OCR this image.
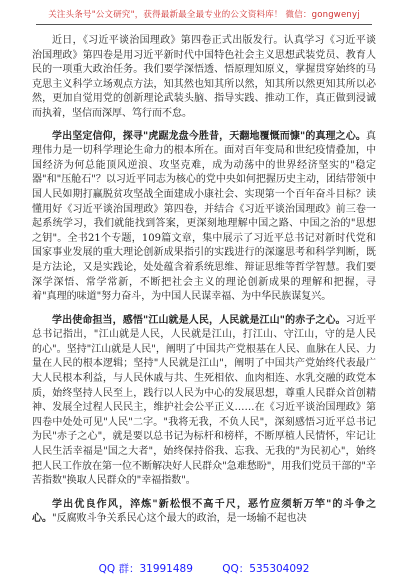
关注头条号"公文研究"，获得最新最全最专业的公文资料库！ 微信：gongwenyj

近日，《习近平谈治国理政》第四卷正式出版发行。认真学习《习近平谈治国理政》第四卷是用习近平新时代中国特色社会主义思想武装党员、教育人民的一项重大政治任务。我们要学深悟透、悟原理知原义，掌握贯穿始终的马克思主义科学立场观点方法，知其然也知其所以然，知其所以然更知其所以必然，更加自觉用党的创新理论武装头脑、指导实践、推动工作，真正做到浸诚而执着，坚信而深厚、笃行而不怠。

学出坚定信仰，探寻"虎踞龙盘今胜昔，天翻地覆慨而慷"的真理之心。真理伟力是一切科学理论生命力的根本所在。面对百年变局和世纪疫情叠加，中国经济为何总能顶风逆浪、攻坚克难，成为动荡中的世界经济坚实的"稳定器"和"压舱石"？以习近平同志为核心的党中央如何把握历史主动，团结带领中国人民如期打赢脱贫攻坚战全面建成小康社会、实现第一个百年奋斗目标？读懂用好《习近平谈治国理政》第四卷，并结合《习近平谈治国理政》前三卷一起系统学习，我们就能找到答案，更深刻地理解中国之路、中国之治的"思想之钥"。全书21个专题，109篇文章，集中展示了习近平总书记对新时代党和国家事业发展的重大理论创新成果指引的实践进行的深邃思考和科学判断，既是方法论，又是实践论，处处蕴含着系统思维、辩证思维等哲学智慧。我们要深学深悟、常学常新，不断把社会主义的理论创新成果的理解和把握，寻着"真理的味道"努力奋斗，为中国人民谋幸福、为中华民族谋复兴。

学出使命担当，感悟"江山就是人民，人民就是江山"的赤子之心。习近平总书记指出，"江山就是人民，人民就是江山，打江山、守江山，守的是人民的心"。坚持"江山就是人民"，阐明了中国共产党根基在人民、血脉在人民、力量在人民的根本逻辑；坚持"人民就是江山"，阐明了中国共产党始终代表最广大人民根本利益，与人民休戚与共、生死相依、血肉相连、水乳交融的政党本质，始终坚持人民至上，践行以人民为中心的发展思想，尊重人民群众首创精神、发展全过程人民民主，维护社会公平正义……在《习近平谈治国理政》第四卷中处处可见"人民"二字。"我将无我，不负人民"，深刻感悟习近平总书记为民"赤子之心"，就是要以总书记为标杆和榜样，不断厚植人民情怀，牢记让人民生活幸福是"国之大者"，始终保持俗我、忘我、无我的"为民初心"，始终把人民工作放在第一位不断解决好人民群众"急难愁盼"，用我们党员干部的"辛苦指数"换取人民群众的"幸福指数"。

学出优良作风，淬炼"新松恨不高千尺，恶竹应须斩万竿"的斗争之心。"反腐败斗争关系民心这个最大的政治，是一场输不起也决

QQ 群：31991489	QQ：535304092
